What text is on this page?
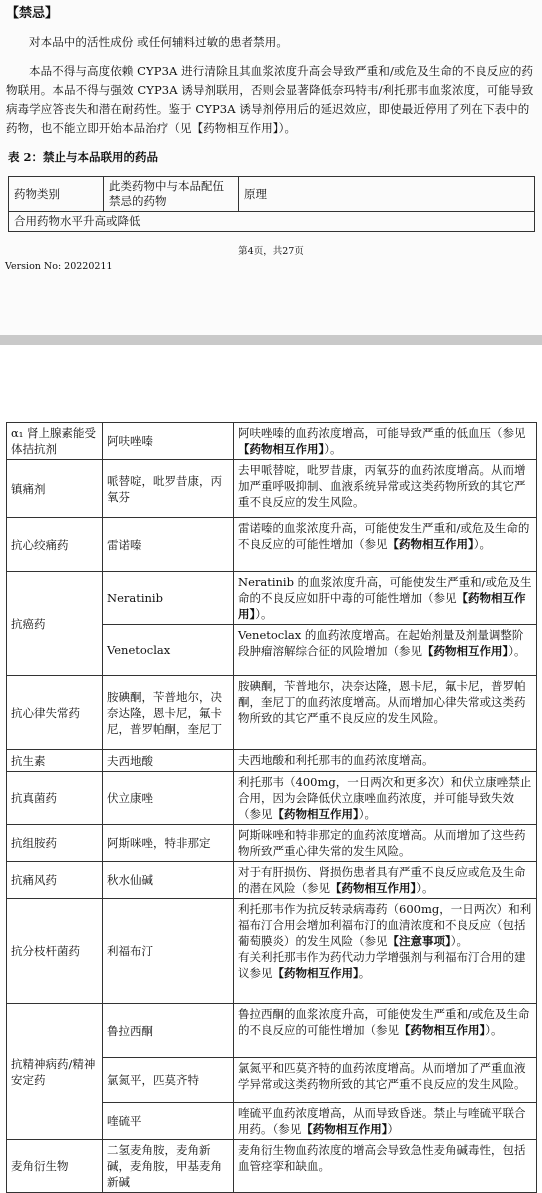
【禁忌】

对本品中的活性成份 或任何辅料过敏的患者禁用。

本品不得与高度依赖 CYP3A 进行清除且其血浆浓度升高会导致严重和/或危及生命的不良反应的药物联用。本品不得与强效 CYP3A 诱导剂联用，否则会显著降低奈玛特韦/利托那韦血浆浓度，可能导致病毒学应答丧失和潜在耐药性。鉴于 CYP3A 诱导剂停用后的延迟效应，即使最近停用了列在下表中的药物，也不能立即开始本品治疗（见【药物相互作用】）。

表 2：禁止与本品联用的药品
药物类别	此类药物中与本品配伍禁忌的药物	原理
合用药物水平升高或降低
第4页，共27页
Version No: 20220211
α₁ 肾上腺素能受体拮抗剂	阿呋唑嗪	阿呋唑嗪的血药浓度增高，可能导致严重的低血压（参见【药物相互作用】）。
镇痛剂	哌替啶，吡罗昔康，丙氧芬	去甲哌替啶，吡罗昔康，丙氧芬的血药浓度增高。从而增加严重呼吸抑制、血液系统异常或这类药物所致的其它严重不良反应的发生风险。
抗心绞痛药	雷诺嗪	雷诺嗪的血浆浓度升高，可能使发生严重和/或危及生命的不良反应的可能性增加（参见【药物相互作用】）。
抗癌药	Neratinib	Neratinib 的血浆浓度升高，可能使发生严重和/或危及生命的不良反应如肝中毒的可能性增加（参见【药物相互作用】）。
	Venetoclax	Venetoclax 的血药浓度增高。在起始剂量及剂量调整阶段肿瘤溶解综合征的风险增加（参见【药物相互作用】）。
抗心律失常药	胺碘酮，苄普地尔，决奈达隆，恩卡尼，氟卡尼，普罗帕酮，奎尼丁	胺碘酮，苄普地尔，决奈达隆，恩卡尼，氟卡尼，普罗帕酮，奎尼丁的血药浓度增高。从而增加心律失常或这类药物所致的其它严重不良反应的发生风险。
抗生素	夫西地酸	夫西地酸和利托那韦的血药浓度增高。
抗真菌药	伏立康唑	利托那韦（400mg，一日两次和更多次）和伏立康唑禁止合用，因为会降低伏立康唑血药浓度，并可能导致失效（参见【药物相互作用】）。
抗组胺药	阿斯咪唑，特非那定	阿斯咪唑和特非那定的血药浓度增高。从而增加了这些药物所致严重心律失常的发生风险。
抗痛风药	秋水仙碱	对于有肝损伤、肾损伤患者具有严重不良反应或危及生命的潜在风险（参见【药物相互作用】）。
抗分枝杆菌药	利福布汀	利托那韦作为抗反转录病毒药（600mg，一日两次）和利福布汀合用会增加利福布汀的血清浓度和不良反应（包括葡萄膜炎）的发生风险（参见【注意事项】）。
有关利托那韦作为药代动力学增强剂与利福布汀合用的建议参见【药物相互作用】。
抗精神病药/精神安定药	鲁拉西酮	鲁拉西酮的血浆浓度升高，可能使发生严重和/或危及生命的不良反应的可能性增加（参见【药物相互作用】）。
	氯氮平，匹莫齐特	氯氮平和匹莫齐特的血药浓度增高。从而增加了严重血液学异常或这类药物所致的其它严重不良反应的发生风险。
	喹硫平	喹硫平血药浓度增高，从而导致昏迷。禁止与喹硫平联合用药。（参见【药物相互作用】）
麦角衍生物	二氢麦角胺，麦角新碱，麦角胺，甲基麦角新碱	麦角衍生物血药浓度的增高会导致急性麦角碱毒性，包括血管痉挛和缺血。
